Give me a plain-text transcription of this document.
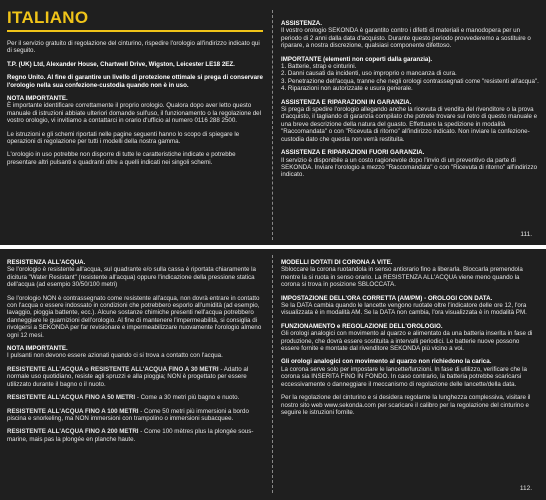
ITALIANO

Per il servizio gratuito di regolazione del cinturino, rispedire l'orologio all'indirizzo indicato qui di seguito.

T.P. (UK) Ltd, Alexander House, Chartwell Drive, Wigston, Leicester LE18 2EZ.

Regno Unito. Al fine di garantire un livello di protezione ottimale si prega di conservare l'orologio nella sua confezione-custodia quando non è in uso.

NOTA IMPORTANTE.

È importante identificare correttamente il proprio orologio. Qualora dopo aver letto questo manuale di istruzioni abbiate ulteriori domande sull'uso, il funzionamento o la regolazione del vostro orologio, vi invitiamo a contattarci in orario d'ufficio al numero 0116 288 2500.

Le istruzioni e gli schemi riportati nelle pagine seguenti hanno lo scopo di spiegare le operazioni di regolazione per tutti i modelli della nostra gamma.

L'orologio in uso potrebbe non disporre di tutte le caratteristiche indicate e potrebbe presentare altri pulsanti e quadranti oltre a quelli indicati nei singoli schemi.

ASSISTENZA.

Il vostro orologio SEKONDA è garantito contro i difetti di materiali e manodopera per un periodo di 2 anni dalla data d'acquisto. Durante questo periodo provvederemo a sostituire o riparare, a nostra discrezione, qualsiasi componente difettoso.

IMPORTANTE (elementi non coperti dalla garanzia).

1. Batterie, strap e cinturini.

2. Danni causati da incidenti, uso improprio o mancanza di cura.

3. Penetrazione dell'acqua, tranne che negli orologi contrassegnati come "resistenti all'acqua".

4. Riparazioni non autorizzate e usura generale.

ASSISTENZA E RIPARAZIONI IN GARANZIA.

Si prega di spedire l'orologio allegando anche la ricevuta di vendita del rivenditore o la prova d'acquisto, il tagliando di garanzia compilato che potrete trovare sul retro di questo manuale e una breve descrizione della natura del guasto. Effettuare la spedizione in modalità "Raccomandata" o con "Ricevuta di ritorno" all'indirizzo indicato. Non inviare la confezione-custodia dato che questa non verrà restituita.

ASSISTENZA E RIPARAZIONI FUORI GARANZIA.

Il servizio è disponibile a un costo ragionevole dopo l'invio di un preventivo da parte di SEKONDA. Inviare l'orologio a mezzo "Raccomandata" o con "Ricevuta di ritorno" all'indirizzo indicato.

111.

RESISTENZA ALL'ACQUA.

Se l'orologio è resistente all'acqua, sul quadrante e/o sulla cassa è riportata chiaramente la dicitura "Water Resistant" (resistente all'acqua) oppure l'indicazione della pressione statica dell'acqua (ad esempio 30/50/100 metri)

Se l'orologio NON è contrassegnato come resistente all'acqua, non dovrà entrare in contatto con l'acqua o essere indossato in condizioni che potrebbero esporlo all'umidità (ad esempio, lavaggio, pioggia battente, ecc.). Alcune sostanze chimiche presenti nell'acqua potrebbero danneggiare le guarnizioni dell'orologio. Al fine di mantenere l'impermeabilità, si consiglia di rivolgersi a SEKONDA per far revisionare e impermeabilizzare nuovamente l'orologio almeno ogni 12 mesi.

NOTA IMPORTANTE.

I pulsanti non devono essere azionati quando ci si trova a contatto con l'acqua.

RESISTENTE ALL'ACQUA o RESISTENTE ALL'ACQUA FINO A 30 METRI - Adatto al normale uso quotidiano, resiste agli spruzzi e alla pioggia; NON è progettato per essere utilizzato durante il bagno o il nuoto.

RESISTENTE ALL'ACQUA FINO A 50 METRI - Come a 30 metri più bagno e nuoto.

RESISTENTE ALL'ACQUA FINO A 100 METRI - Come 50 metri più immersioni a bordo piscina e snorkeling, ma NON immersioni con trampolino o immersioni subacquee.

RESISTENTE ALL'ACQUA FINO A 200 METRI - Come 100 mètres plus la plongée sous-marine, mais pas la plongée en planche haute.

MODELLI DOTATI DI CORONA A VITE.

Sbloccare la corona ruotandola in senso antiorario fino a liberarla. Bloccarla premendola mentre la si ruota in senso orario. La RESISTENZA ALL'ACQUA viene meno quando la corona si trova in posizione SBLOCCATA.

IMPOSTAZIONE DELL'ORA CORRETTA (AM/PM) - OROLOGI CON DATA.

Se la DATA cambia quando le lancette vengono ruotate oltre l'indicatore delle ore 12, l'ora visualizzata è in modalità AM. Se la DATA non cambia, l'ora visualizzata è in modalità PM.

FUNZIONAMENTO e REGOLAZIONE DELL'OROLOGIO.

Gli orologi analogici con movimento al quarzo e alimentato da una batteria inserita in fase di produzione, che dovrà essere sostituita a intervalli periodici. Le batterie nuove possono essere fornite e montate dal rivenditore SEKONDA più vicino a voi.

Gli orologi analogici con movimento al quarzo non richiedono la carica.

La corona serve solo per impostare le lancette/funzioni. In fase di utilizzo, verificare che la corona sia INSERITA FINO IN FONDO. In caso contrario, la batteria potrebbe scaricarsi eccessivamente o danneggiare il meccanismo di regolazione delle lancette/della data.

Per la regolazione del cinturino e si desidera regolarne la lunghezza complessiva, visitare il nostro sito web www.sekonda.com per scaricare il calibro per la regolazione del cinturino e seguire le istruzioni fornite.

112.
